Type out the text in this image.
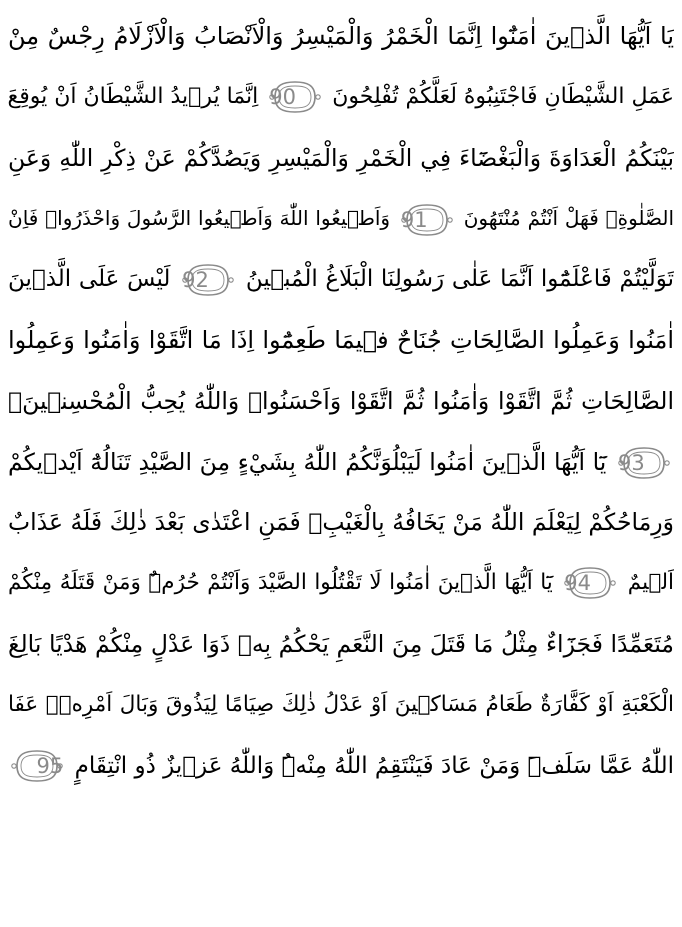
يَا اَيُّهَا الَّذ۪ينَ اٰمَنُٓوا اِنَّمَا الْخَمْرُ وَالْمَيْسِرُ وَالْاَنْصَابُ وَالْاَزْلَامُ رِجْسٌ مِنْ
عَمَلِ الشَّيْطَانِ فَاجْتَنِبُوهُ لَعَلَّكُمْ تُفْلِحُونَ
90
اِنَّمَا يُر۪يدُ الشَّيْطَانُ اَنْ يُوقِعَ
بَيْنَكُمُ الْعَدَاوَةَ وَالْبَغْضَٓاءَ فِي الْخَمْرِ وَالْمَيْسِرِ وَيَصُدَّكُمْ عَنْ ذِكْرِ اللّٰهِ وَعَنِ
الصَّلٰوةِۚ فَهَلْ اَنْتُمْ مُنْتَهُونَ
91
وَاَط۪يعُوا اللّٰهَ وَاَط۪يعُوا الرَّسُولَ وَاحْذَرُواۚ فَاِنْ
تَوَلَّيْتُمْ فَاعْلَمُٓوا اَنَّمَا عَلٰى رَسُولِنَا الْبَلَاغُ الْمُب۪ينُ
92
لَيْسَ عَلَى الَّذ۪ينَ
اٰمَنُوا وَعَمِلُوا الصَّالِحَاتِ جُنَاحٌ ف۪يمَا طَعِمُٓوا اِذَا مَا اتَّقَوْا وَاٰمَنُوا وَعَمِلُوا
الصَّالِحَاتِ ثُمَّ اتَّقَوْا وَاٰمَنُوا ثُمَّ اتَّقَوْا وَاَحْسَنُواۜ وَاللّٰهُ يُحِبُّ الْمُحْسِن۪ينَ۟
93
يَٓا اَيُّهَا الَّذ۪ينَ اٰمَنُوا لَيَبْلُوَنَّكُمُ اللّٰهُ بِشَيْءٍ مِنَ الصَّيْدِ تَنَالُهُٓ اَيْد۪يكُمْ
وَرِمَاحُكُمْ لِيَعْلَمَ اللّٰهُ مَنْ يَخَافُهُ بِالْغَيْبِۚ فَمَنِ اعْتَدٰى بَعْدَ ذٰلِكَ فَلَهُ عَذَابٌ
اَل۪يمٌ
94
يَٓا اَيُّهَا الَّذ۪ينَ اٰمَنُوا لَا تَقْتُلُوا الصَّيْدَ وَاَنْتُمْ حُرُمٌۜ وَمَنْ قَتَلَهُ مِنْكُمْ
مُتَعَمِّدًا فَجَزَٓاءٌ مِثْلُ مَا قَتَلَ مِنَ النَّعَمِ يَحْكُمُ بِه۪ ذَوَا عَدْلٍ مِنْكُمْ هَدْيًا بَالِغَ
الْكَعْبَةِ اَوْ كَفَّارَةٌ طَعَامُ مَسَاك۪ينَ اَوْ عَدْلُ ذٰلِكَ صِيَامًا لِيَذُوقَ وَبَالَ اَمْرِه۪ۜ عَفَا
اللّٰهُ عَمَّا سَلَفَۜ وَمَنْ عَادَ فَيَنْتَقِمُ اللّٰهُ مِنْهُۜ وَاللّٰهُ عَز۪يزٌ ذُو انْتِقَامٍ
95
